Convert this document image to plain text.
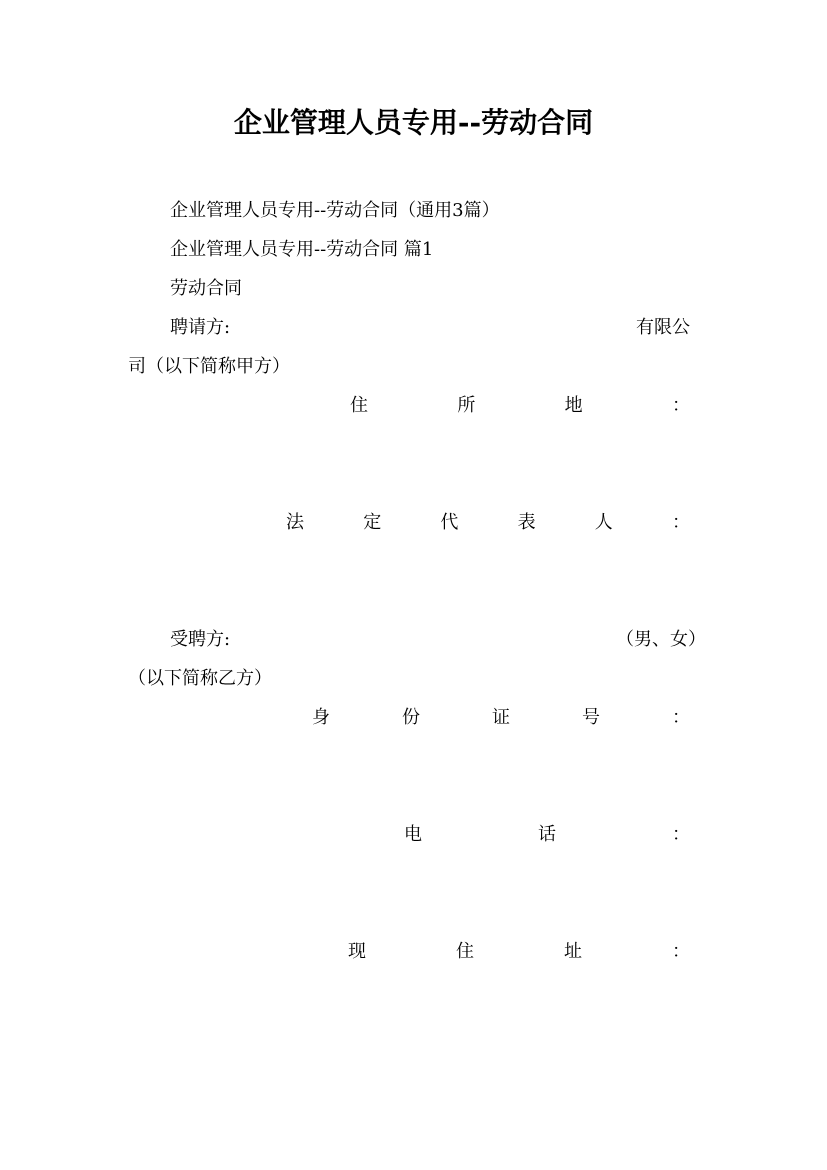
企业管理人员专用--劳动合同
企业管理人员专用--劳动合同（通用3篇）
企业管理人员专用--劳动合同 篇1
劳动合同
聘请方:	有限公
司（以下简称甲方）
住	所	地	：
法	定	代	表	人	：
受聘方:	（男、女）
（以下简称乙方）
身	份	证	号	：
电	话	：
现	住	址	：
